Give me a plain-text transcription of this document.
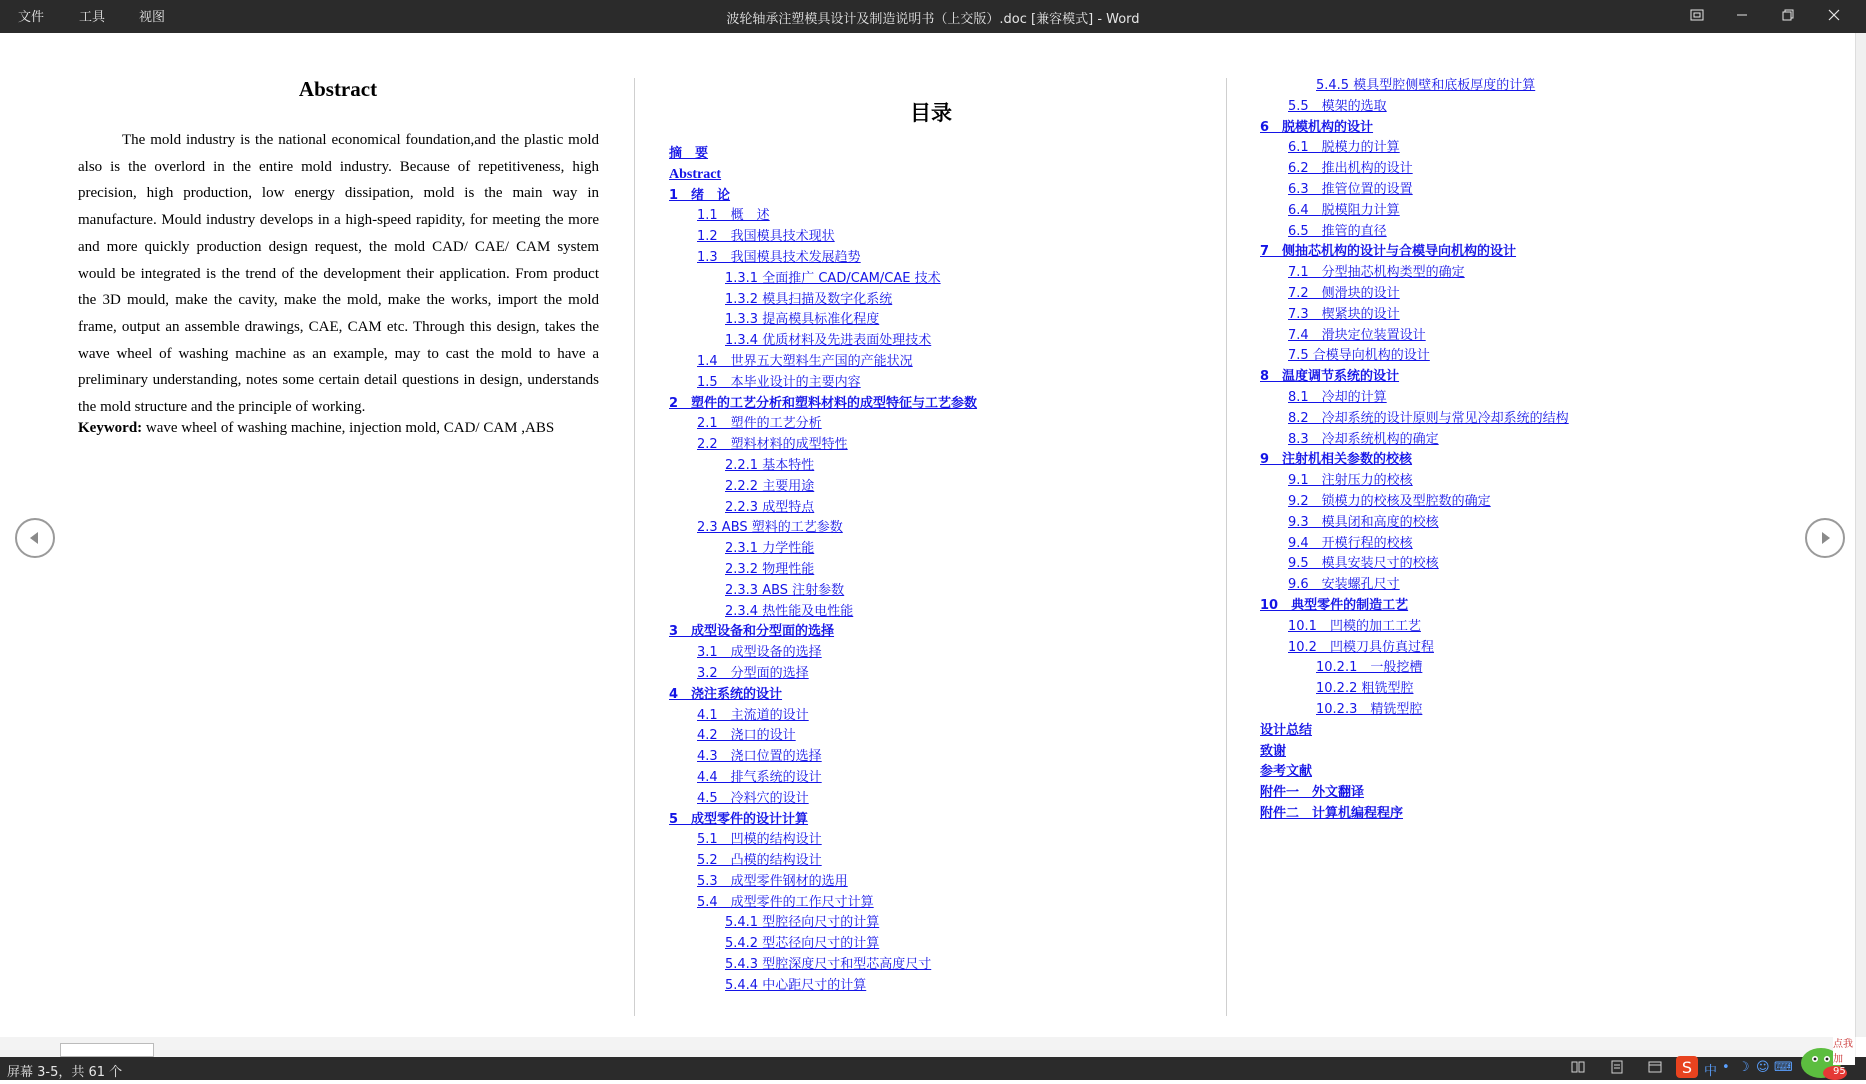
文件	工具	视图	波轮轴承注塑模具设计及制造说明书（上交版）.doc [兼容模式] - Word
Abstract

The mold industry is the national economical foundation,and the plastic mold also is the overlord in the entire mold industry. Because of repetitiveness, high precision, high production, low energy dissipation, mold is the main way in manufacture. Mould industry develops in a high-speed rapidity, for meeting the more and more quickly production design request, the mold CAD/ CAE/ CAM system would be integrated is the trend of the development their application. From product the 3D mould, make the cavity, make the mold, make the works, import the mold frame, output an assemble drawings, CAE, CAM etc. Through this design, takes the wave wheel of washing machine as an example, may to cast the mold to have a preliminary understanding, notes some certain detail questions in design, understands the mold structure and the principle of working.

Keyword: wave wheel of washing machine, injection mold, CAD/ CAM ,ABS
目录
摘　要
Abstract
1　绪　论
1.1　概　述
1.2　我国模具技术现状
1.3　我国模具技术发展趋势
1.3.1 全面推广 CAD/CAM/CAE 技术
1.3.2 模具扫描及数字化系统
1.3.3 提高模具标准化程度
1.3.4 优质材料及先进表面处理技术
1.4　世界五大塑料生产国的产能状况
1.5　本毕业设计的主要内容
2　塑件的工艺分析和塑料材料的成型特征与工艺参数
2.1　塑件的工艺分析
2.2　塑料材料的成型特性
2.2.1 基本特性
2.2.2 主要用途
2.2.3 成型特点
2.3 ABS 塑料的工艺参数
2.3.1 力学性能
2.3.2 物理性能
2.3.3 ABS 注射参数
2.3.4 热性能及电性能
3　成型设备和分型面的选择
3.1　成型设备的选择
3.2　分型面的选择
4　浇注系统的设计
4.1　主流道的设计
4.2　浇口的设计
4.3　浇口位置的选择
4.4　排气系统的设计
4.5　冷料穴的设计
5　成型零件的设计计算
5.1　凹模的结构设计
5.2　凸模的结构设计
5.3　成型零件钢材的选用
5.4　成型零件的工作尺寸计算
5.4.1 型腔径向尺寸的计算
5.4.2 型芯径向尺寸的计算
5.4.3 型腔深度尺寸和型芯高度尺寸
5.4.4 中心距尺寸的计算
5.4.5 模具型腔侧壁和底板厚度的计算
5.5　模架的选取
6　脱模机构的设计
6.1　脱模力的计算
6.2　推出机构的设计
6.3　推管位置的设置
6.4　脱模阻力计算
6.5　推管的直径
7　侧抽芯机构的设计与合模导向机构的设计
7.1　分型抽芯机构类型的确定
7.2　侧滑块的设计
7.3　楔紧块的设计
7.4　滑块定位装置设计
7.5 合模导向机构的设计
8　温度调节系统的设计
8.1　冷却的计算
8.2　冷却系统的设计原则与常见冷却系统的结构
8.3　冷却系统机构的确定
9　注射机相关参数的校核
9.1　注射压力的校核
9.2　锁模力的校核及型腔数的确定
9.3　模具闭和高度的校核
9.4　开模行程的校核
9.5　模具安装尺寸的校核
9.6　安装螺孔尺寸
10　典型零件的制造工艺
10.1　凹模的加工工艺
10.2　凹模刀具仿真过程
10.2.1　一般挖槽
10.2.2 粗铣型腔
10.2.3　精铣型腔
设计总结
致谢
参考文献
附件一　外文翻译
附件二　计算机编程程序
屏幕 3-5，共 61 个	S 中 • ☽ ☺ ⌨	95
点我加
